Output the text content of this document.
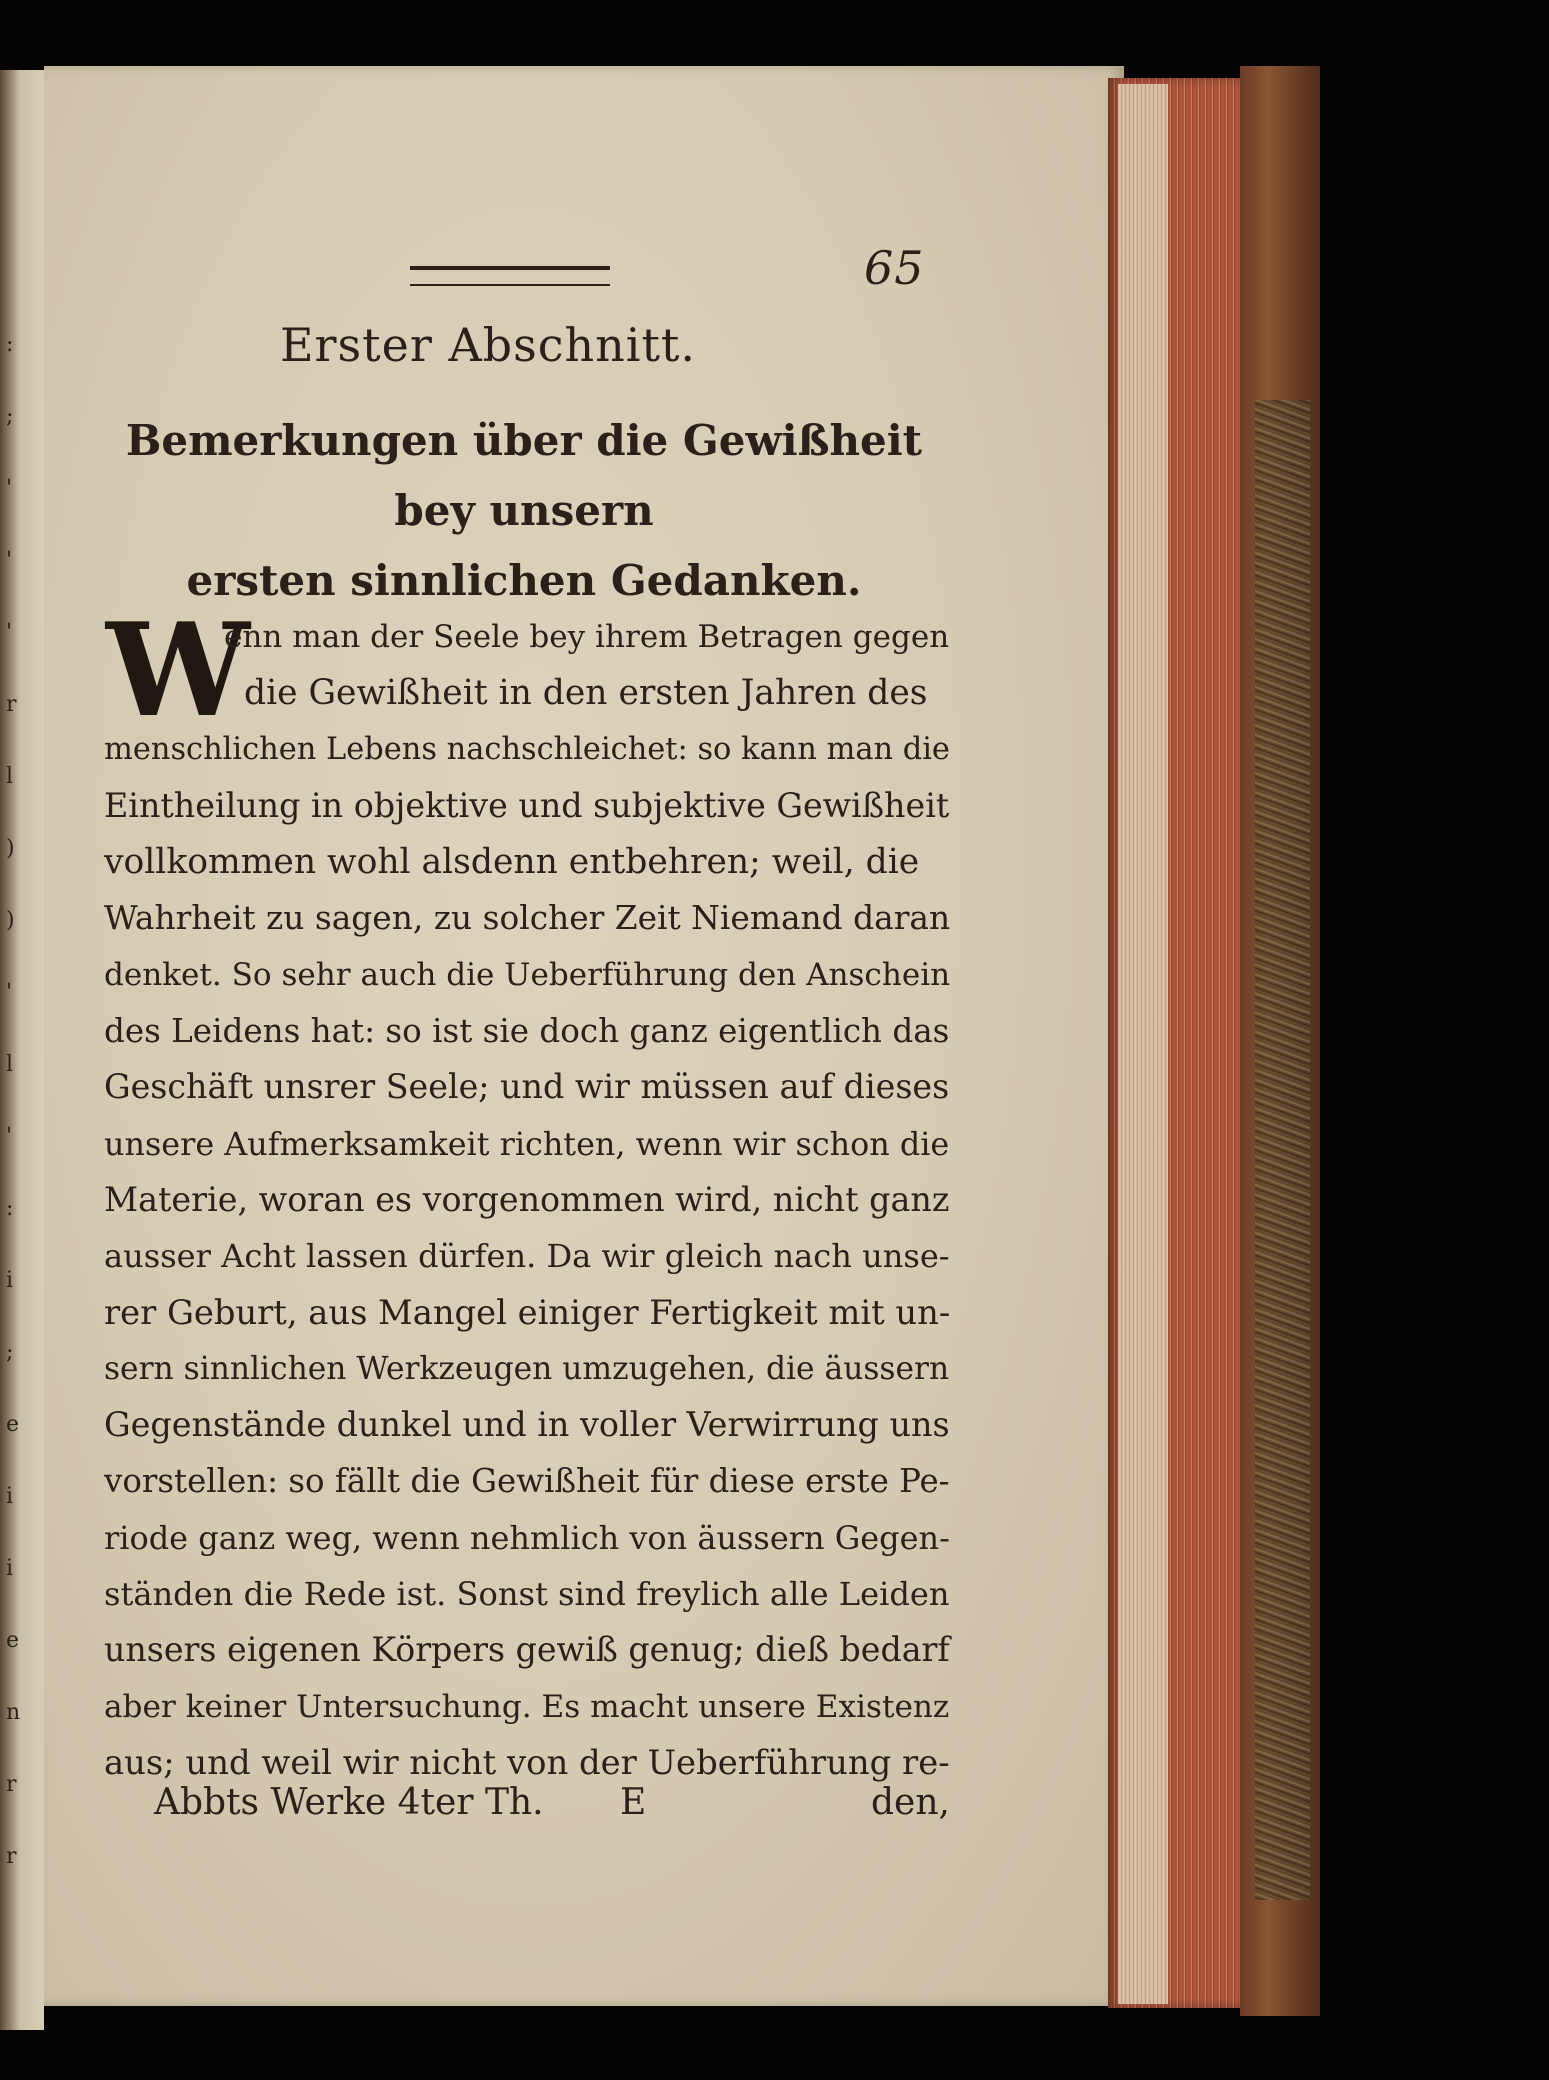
:
;
'
'
'
r
l
)
)
'
l
'
:
i
;
e
i
i
e
n
r
r
65
Erster Abschnitt.
Bemerkungen über die Gewißheit bey unsern
ersten sinnlichen Gedanken.
W
enn man der Seele bey ihrem Betragen gegen
die Gewißheit in den ersten Jahren des
menschlichen Lebens nachschleichet: so kann man die
Eintheilung in objektive und subjektive Gewißheit
vollkommen wohl alsdenn entbehren; weil, die
Wahrheit zu sagen, zu solcher Zeit Niemand daran
denket. So sehr auch die Ueberführung den Anschein
des Leidens hat: so ist sie doch ganz eigentlich das
Geschäft unsrer Seele; und wir müssen auf dieses
unsere Aufmerksamkeit richten, wenn wir schon die
Materie, woran es vorgenommen wird, nicht ganz
ausser Acht lassen dürfen. Da wir gleich nach unse-
rer Geburt, aus Mangel einiger Fertigkeit mit un-
sern sinnlichen Werkzeugen umzugehen, die äussern
Gegenstände dunkel und in voller Verwirrung uns
vorstellen: so fällt die Gewißheit für diese erste Pe-
riode ganz weg, wenn nehmlich von äussern Gegen-
ständen die Rede ist. Sonst sind freylich alle Leiden
unsers eigenen Körpers gewiß genug; dieß bedarf
aber keiner Untersuchung. Es macht unsere Existenz
aus; und weil wir nicht von der Ueberführung re-
Abbts Werke 4ter Th. E	den,
